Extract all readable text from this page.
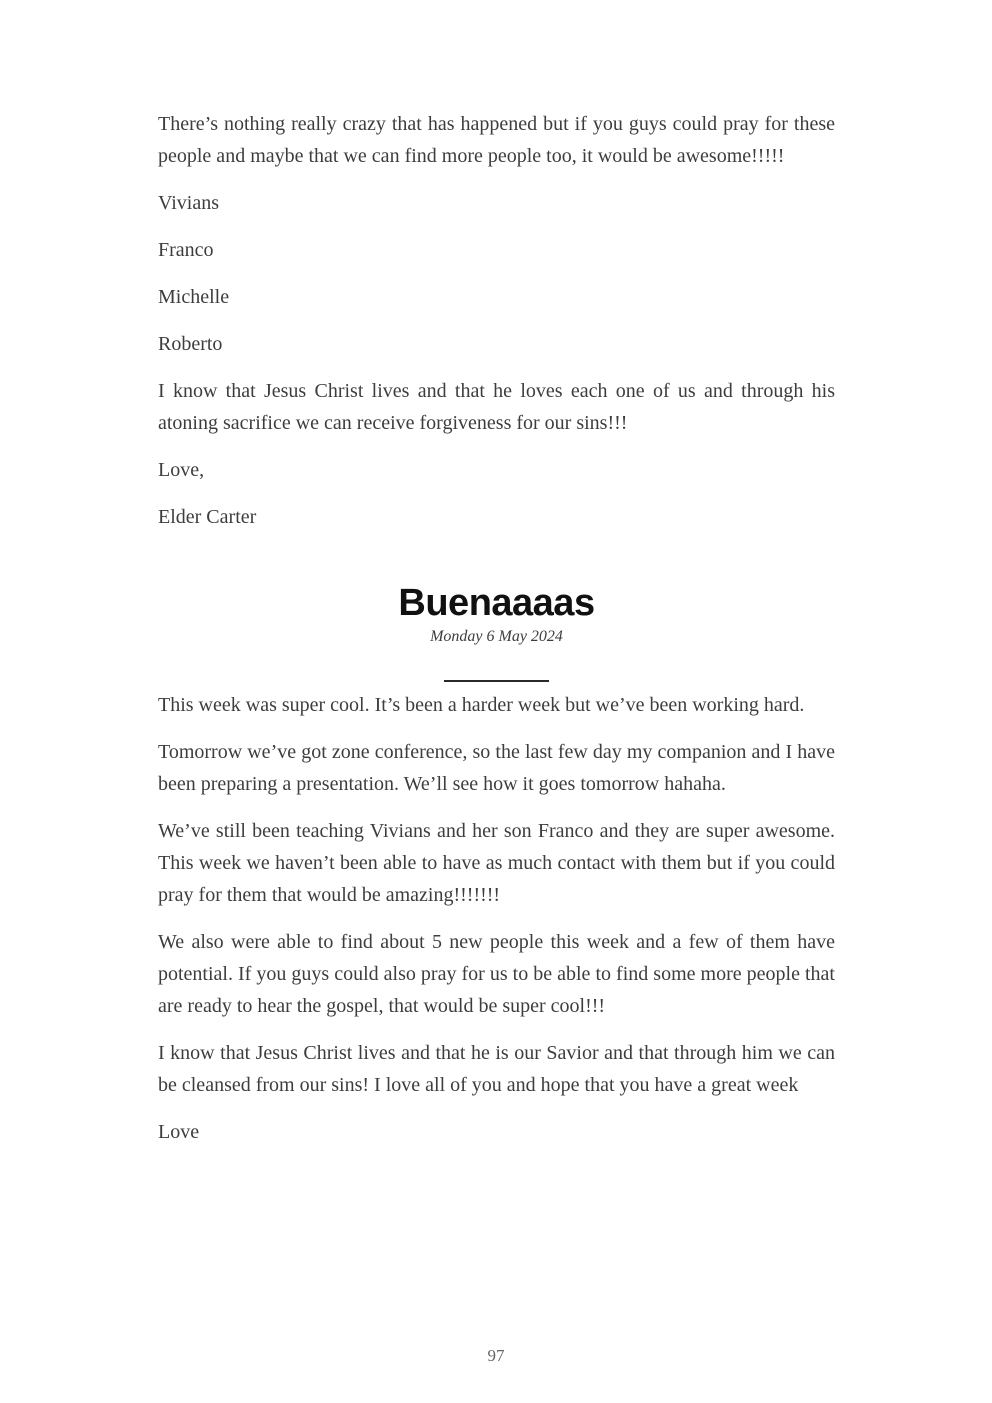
There’s nothing really crazy that has happened but if you guys could pray for these people and maybe that we can find more people too, it would be awesome!!!!!

Vivians

Franco

Michelle

Roberto

I know that Jesus Christ lives and that he loves each one of us and through his atoning sacrifice we can receive forgiveness for our sins!!!

Love,

Elder Carter

Buenaaaas
Monday 6 May 2024

This week was super cool. It’s been a harder week but we’ve been working hard.

Tomorrow we’ve got zone conference, so the last few day my companion and I have been preparing a presentation. We’ll see how it goes tomorrow hahaha.

We’ve still been teaching Vivians and her son Franco and they are super awesome. This week we haven’t been able to have as much contact with them but if you could pray for them that would be amazing!!!!!!!

We also were able to find about 5 new people this week and a few of them have potential. If you guys could also pray for us to be able to find some more people that are ready to hear the gospel, that would be super cool!!!

I know that Jesus Christ lives and that he is our Savior and that through him we can be cleansed from our sins! I love all of you and hope that you have a great week

Love

97
